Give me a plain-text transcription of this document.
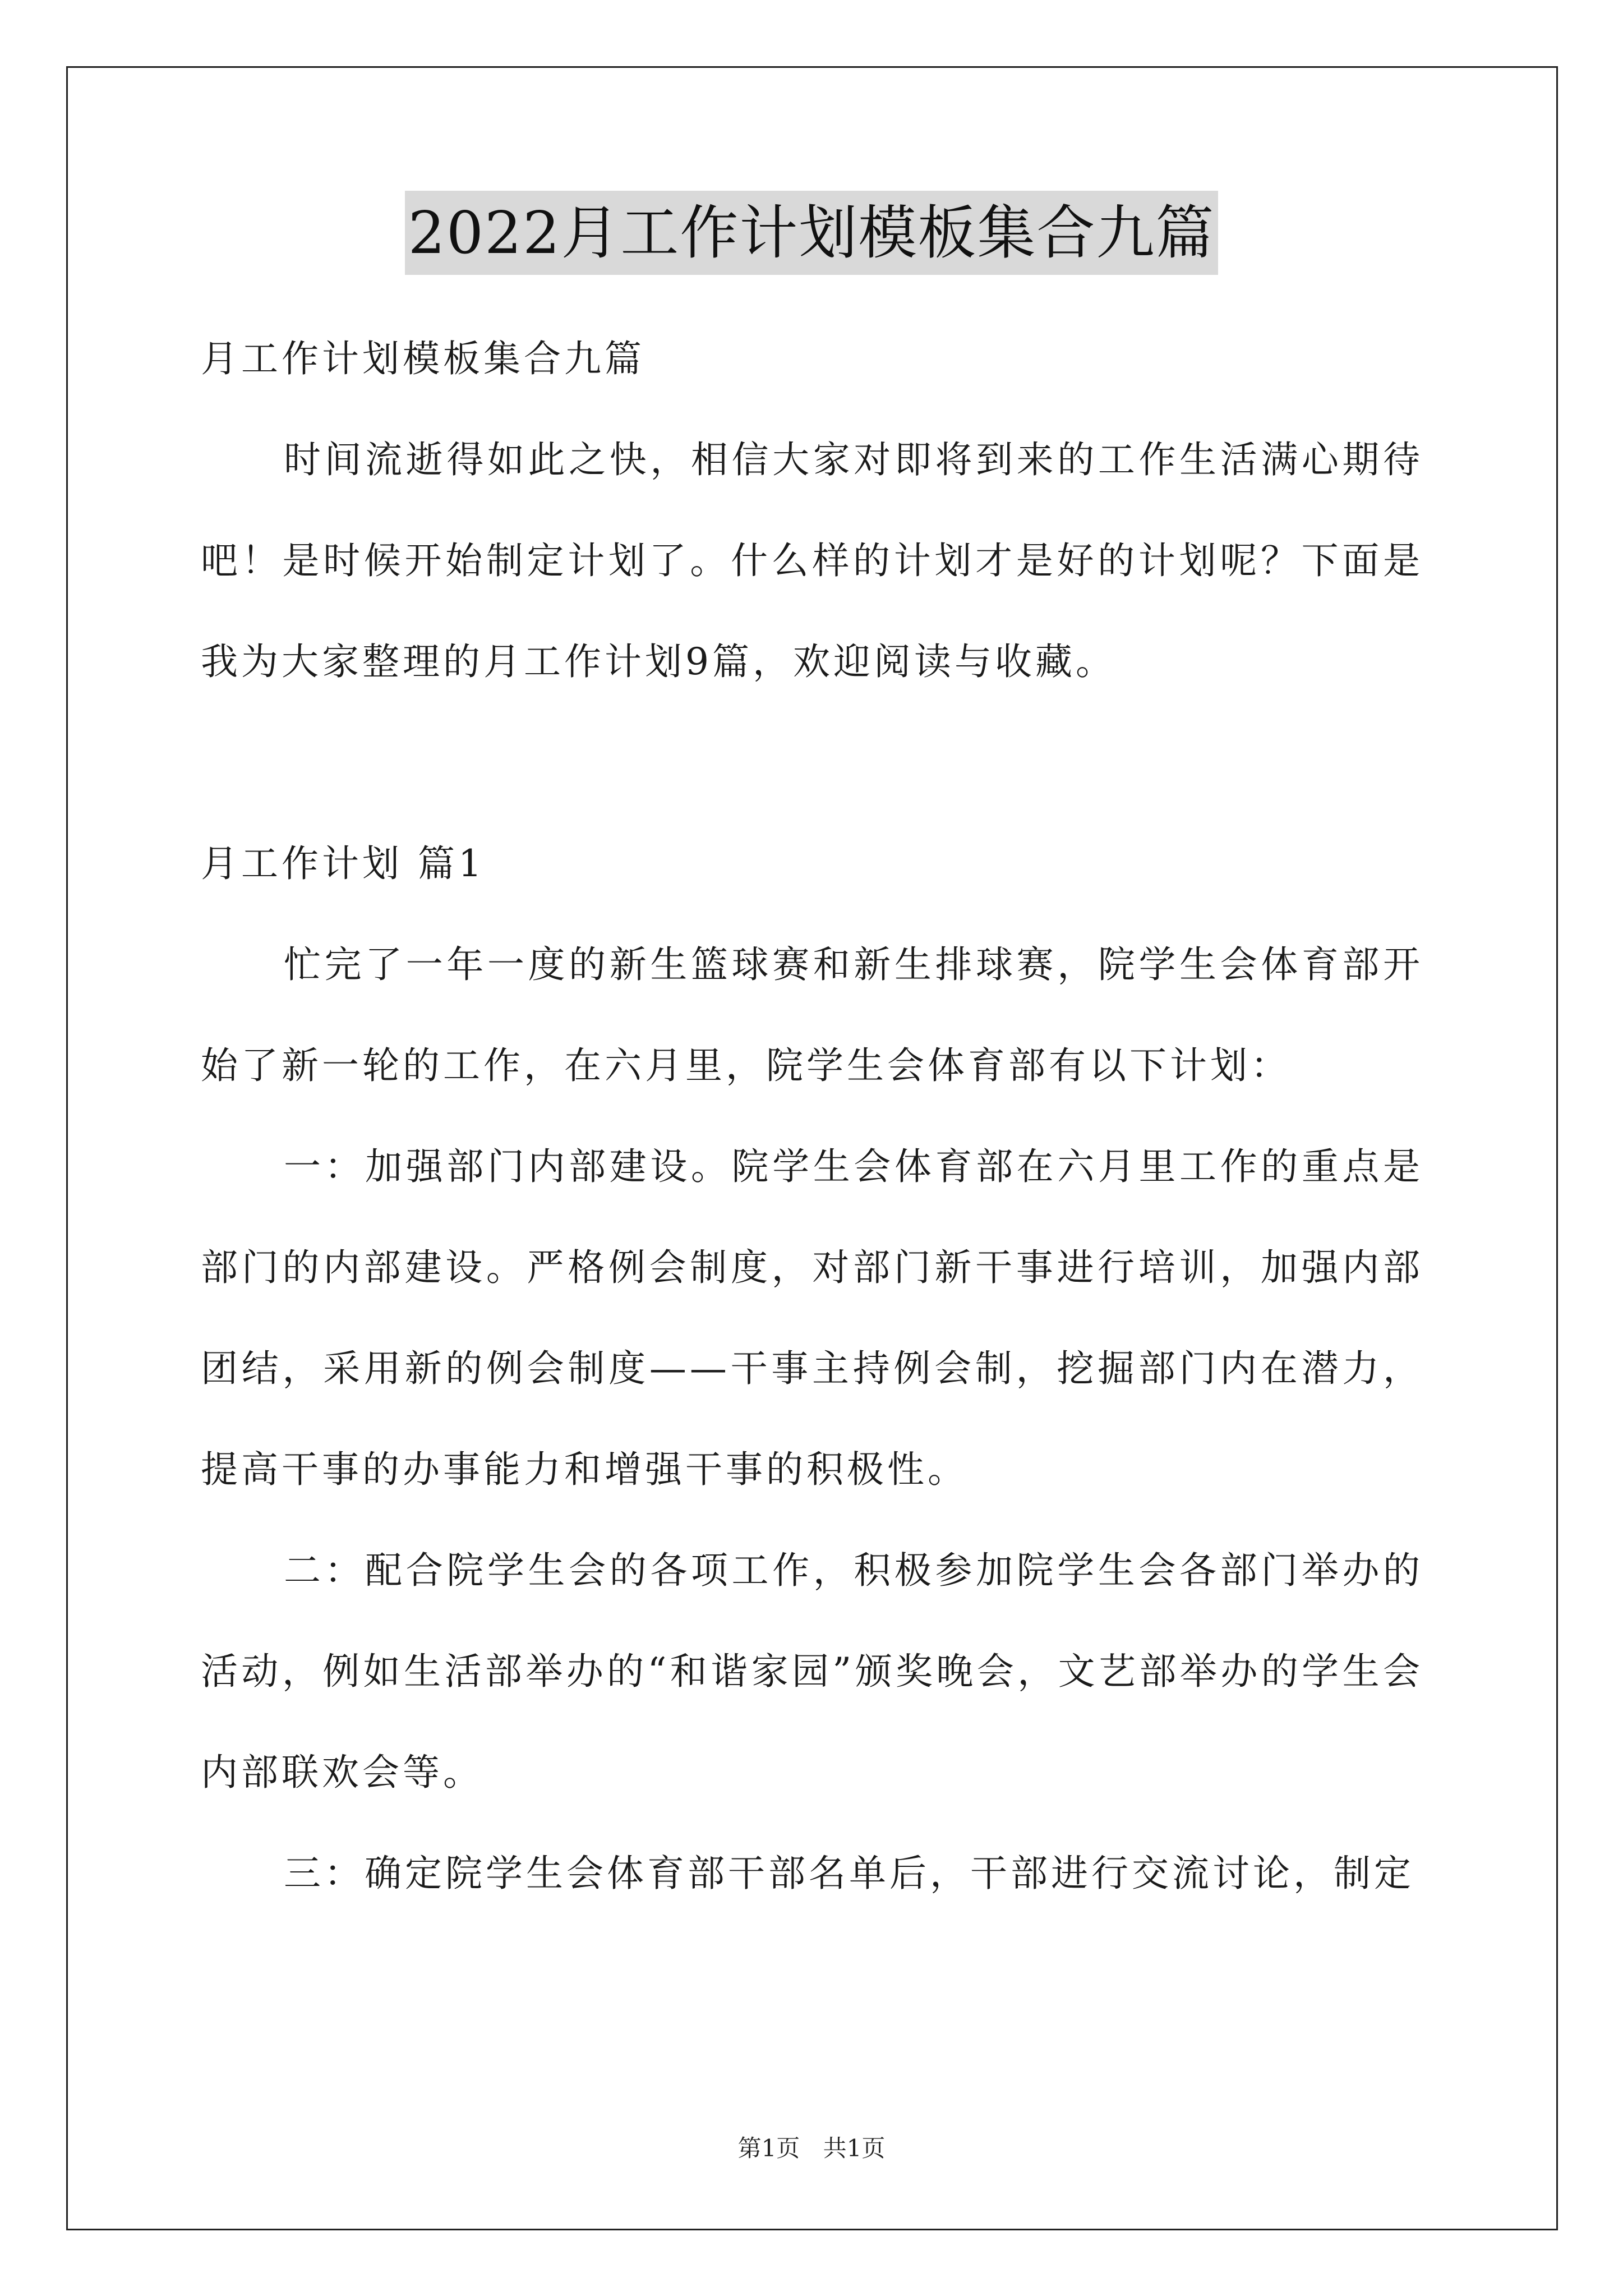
2022月工作计划模板集合九篇

月工作计划模板集合九篇

时间流逝得如此之快，相信大家对即将到来的工作生活满心期待吧！是时候开始制定计划了。什么样的计划才是好的计划呢？下面是我为大家整理的月工作计划9篇，欢迎阅读与收藏。

月工作计划 篇1

忙完了一年一度的新生篮球赛和新生排球赛，院学生会体育部开始了新一轮的工作，在六月里，院学生会体育部有以下计划：

一：加强部门内部建设。院学生会体育部在六月里工作的重点是部门的内部建设。严格例会制度，对部门新干事进行培训，加强内部团结，采用新的例会制度——干事主持例会制，挖掘部门内在潜力，提高干事的办事能力和增强干事的积极性。

二：配合院学生会的各项工作，积极参加院学生会各部门举办的活动，例如生活部举办的“和谐家园”颁奖晚会，文艺部举办的学生会内部联欢会等。

三：确定院学生会体育部干部名单后，干部进行交流讨论，制定

第1页 共1页
